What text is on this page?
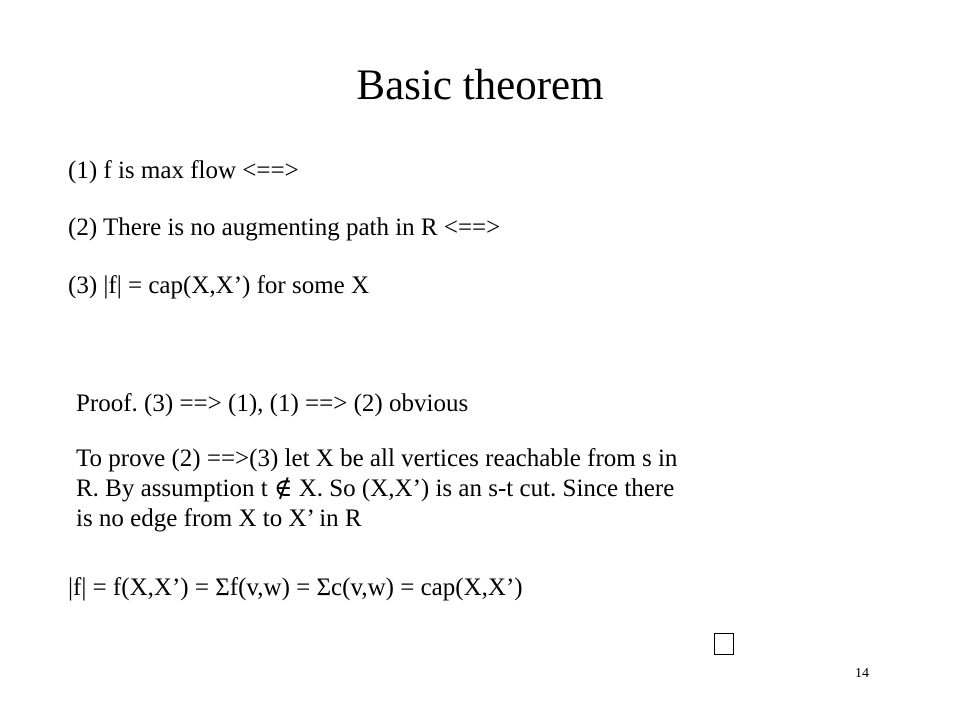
Basic theorem
(1) f is max flow <==>
(2) There is no augmenting path in R <==>
(3) |f| = cap(X,X’) for some X
Proof. (3) ==> (1), (1) ==> (2) obvious
To prove (2) ==>(3) let X be all vertices reachable from s in
R. By assumption t ∉ X. So (X,X’) is an s-t cut. Since there
is no edge from X to X’ in R
|f| = f(X,X’) = Σf(v,w) = Σc(v,w) = cap(X,X’)
14
